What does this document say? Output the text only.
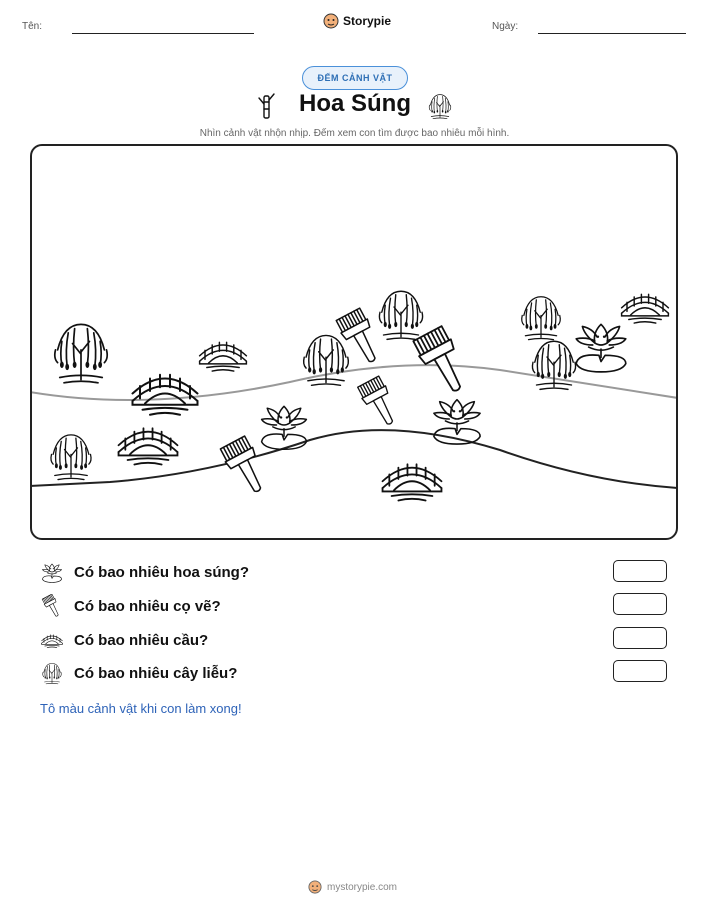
Tên:	Storypie	Ngày:
ĐẾM CẢNH VẬT
Hoa Súng
Nhìn cảnh vật nhộn nhịp. Đếm xem con tìm được bao nhiêu mỗi hình.
Có bao nhiêu hoa súng?
Có bao nhiêu cọ vẽ?
Có bao nhiêu cầu?
Có bao nhiêu cây liễu?
Tô màu cảnh vật khi con làm xong!
mystorypie.com
